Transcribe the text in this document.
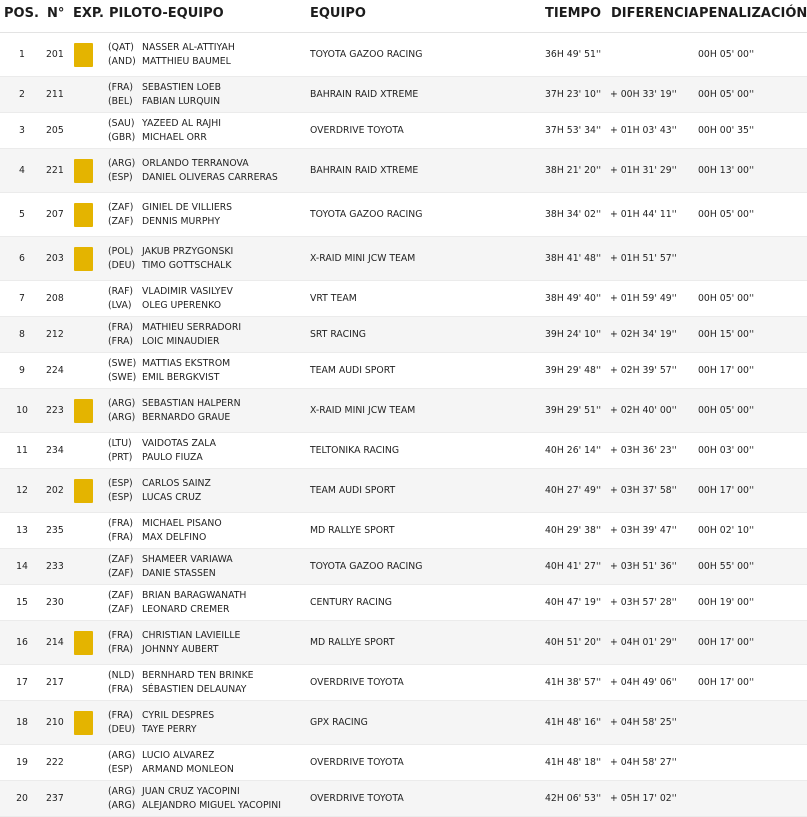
POS. N° EXP. PILOTO-EQUIPO	EQUIPO	TIEMPO DIFERENCIA PENALIZACIÓN
1	201
(QAT) NASSER AL-ATTIYAH
(AND) MATTHIEU BAUMEL
TOYOTA GAZOO RACING	36H 49' 51''	00H 05' 00''
2	211
(FRA) SEBASTIEN LOEB
(BEL) FABIAN LURQUIN
BAHRAIN RAID XTREME	37H 23' 10'' + 00H 33' 19'' 00H 05' 00''
3	205
(SAU) YAZEED AL RAJHI
(GBR) MICHAEL ORR
OVERDRIVE TOYOTA	37H 53' 34'' + 01H 03' 43'' 00H 00' 35''
4	221
(ARG) ORLANDO TERRANOVA
(ESP) DANIEL OLIVERAS CARRERAS
BAHRAIN RAID XTREME	38H 21' 20'' + 01H 31' 29'' 00H 13' 00''
5	207
(ZAF) GINIEL DE VILLIERS
(ZAF) DENNIS MURPHY
TOYOTA GAZOO RACING	38H 34' 02'' + 01H 44' 11'' 00H 05' 00''
6	203
(POL) JAKUB PRZYGONSKI
(DEU) TIMO GOTTSCHALK
X-RAID MINI JCW TEAM	38H 41' 48'' + 01H 51' 57''
7	208
(RAF) VLADIMIR VASILYEV
(LVA) OLEG UPERENKO
VRT TEAM	38H 49' 40'' + 01H 59' 49'' 00H 05' 00''
8	212
(FRA) MATHIEU SERRADORI
(FRA) LOIC MINAUDIER
SRT RACING	39H 24' 10'' + 02H 34' 19'' 00H 15' 00''
9	224
(SWE) MATTIAS EKSTROM
(SWE) EMIL BERGKVIST
TEAM AUDI SPORT	39H 29' 48'' + 02H 39' 57'' 00H 17' 00''
10	223
(ARG) SEBASTIAN HALPERN
(ARG) BERNARDO GRAUE
X-RAID MINI JCW TEAM	39H 29' 51'' + 02H 40' 00'' 00H 05' 00''
11	234
(LTU) VAIDOTAS ZALA
(PRT) PAULO FIUZA
TELTONIKA RACING	40H 26' 14'' + 03H 36' 23'' 00H 03' 00''
12	202
(ESP) CARLOS SAINZ
(ESP) LUCAS CRUZ
TEAM AUDI SPORT	40H 27' 49'' + 03H 37' 58'' 00H 17' 00''
13	235
(FRA) MICHAEL PISANO
(FRA) MAX DELFINO
MD RALLYE SPORT	40H 29' 38'' + 03H 39' 47'' 00H 02' 10''
14	233
(ZAF) SHAMEER VARIAWA
(ZAF) DANIE STASSEN
TOYOTA GAZOO RACING	40H 41' 27'' + 03H 51' 36'' 00H 55' 00''
15	230
(ZAF) BRIAN BARAGWANATH
(ZAF) LEONARD CREMER
CENTURY RACING	40H 47' 19'' + 03H 57' 28'' 00H 19' 00''
16	214
(FRA) CHRISTIAN LAVIEILLE
(FRA) JOHNNY AUBERT
MD RALLYE SPORT	40H 51' 20'' + 04H 01' 29'' 00H 17' 00''
17	217
(NLD) BERNHARD TEN BRINKE
(FRA) SÉBASTIEN DELAUNAY
OVERDRIVE TOYOTA	41H 38' 57'' + 04H 49' 06'' 00H 17' 00''
18	210
(FRA) CYRIL DESPRES
(DEU) TAYE PERRY
GPX RACING	41H 48' 16'' + 04H 58' 25''
19	222
(ARG) LUCIO ALVAREZ
(ESP) ARMAND MONLEON
OVERDRIVE TOYOTA	41H 48' 18'' + 04H 58' 27''
20	237
(ARG) JUAN CRUZ YACOPINI
(ARG) ALEJANDRO MIGUEL YACOPINI
OVERDRIVE TOYOTA	42H 06' 53'' + 05H 17' 02''
